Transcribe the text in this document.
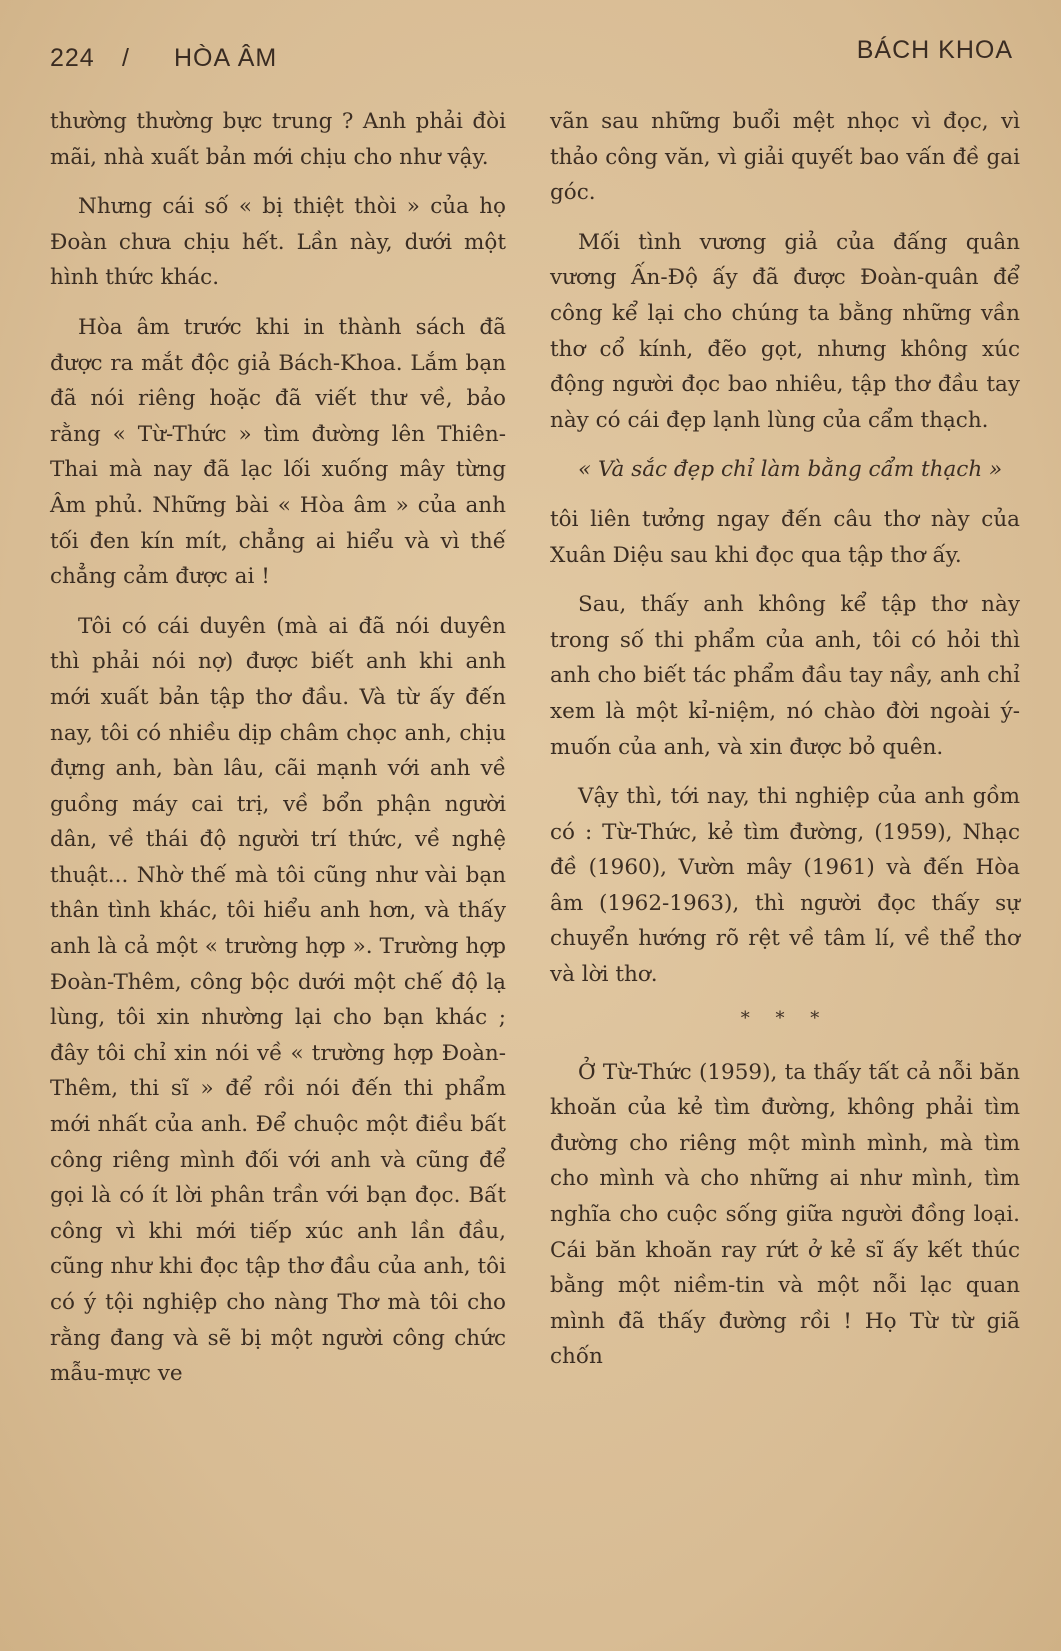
224 / HÒA ÂM	BÁCH KHOA

thường thường bực trung ? Anh phải đòi mãi, nhà xuất bản mới chịu cho như vậy.

Nhưng cái số « bị thiệt thòi » của họ Đoàn chưa chịu hết. Lần này, dưới một hình thức khác.

Hòa âm trước khi in thành sách đã được ra mắt độc giả Bách-Khoa. Lắm bạn đã nói riêng hoặc đã viết thư về, bảo rằng « Từ-Thức » tìm đường lên Thiên-Thai mà nay đã lạc lối xuống mây từng Âm phủ. Những bài « Hòa âm » của anh tối đen kín mít, chẳng ai hiểu và vì thế chẳng cảm được ai !

Tôi có cái duyên (mà ai đã nói duyên thì phải nói nợ) được biết anh khi anh mới xuất bản tập thơ đầu. Và từ ấy đến nay, tôi có nhiều dịp châm chọc anh, chịu đựng anh, bàn lâu, cãi mạnh với anh về guồng máy cai trị, về bổn phận người dân, về thái độ người trí thức, về nghệ thuật... Nhờ thế mà tôi cũng như vài bạn thân tình khác, tôi hiểu anh hơn, và thấy anh là cả một « trường hợp ». Trường hợp Đoàn-Thêm, công bộc dưới một chế độ lạ lùng, tôi xin nhường lại cho bạn khác ; đây tôi chỉ xin nói về « trường hợp Đoàn-Thêm, thi sĩ » để rồi nói đến thi phẩm mới nhất của anh. Để chuộc một điều bất công riêng mình đối với anh và cũng để gọi là có ít lời phân trần với bạn đọc. Bất công vì khi mới tiếp xúc anh lần đầu, cũng như khi đọc tập thơ đầu của anh, tôi có ý tội nghiệp cho nàng Thơ mà tôi cho rằng đang và sẽ bị một người công chức mẫu-mực ve

vãn sau những buổi mệt nhọc vì đọc, vì thảo công văn, vì giải quyết bao vấn đề gai góc.

Mối tình vương giả của đấng quân vương Ấn-Độ ấy đã được Đoàn-quân để công kể lại cho chúng ta bằng những vần thơ cổ kính, đẽo gọt, nhưng không xúc động người đọc bao nhiêu, tập thơ đầu tay này có cái đẹp lạnh lùng của cẩm thạch.

« Và sắc đẹp chỉ làm bằng cẩm thạch »

tôi liên tưởng ngay đến câu thơ này của Xuân Diệu sau khi đọc qua tập thơ ấy.

Sau, thấy anh không kể tập thơ này trong số thi phẩm của anh, tôi có hỏi thì anh cho biết tác phẩm đầu tay nầy, anh chỉ xem là một kỉ-niệm, nó chào đời ngoài ý-muốn của anh, và xin được bỏ quên.

Vậy thì, tới nay, thi nghiệp của anh gồm có : Từ-Thức, kẻ tìm đường, (1959), Nhạc đề (1960), Vườn mây (1961) và đến Hòa âm (1962-1963), thì người đọc thấy sự chuyển hướng rõ rệt về tâm lí, về thể thơ và lời thơ.

* * *

Ở Từ-Thức (1959), ta thấy tất cả nỗi băn khoăn của kẻ tìm đường, không phải tìm đường cho riêng một mình mình, mà tìm cho mình và cho những ai như mình, tìm nghĩa cho cuộc sống giữa người đồng loại. Cái băn khoăn ray rứt ở kẻ sĩ ấy kết thúc bằng một niềm-tin và một nỗi lạc quan mình đã thấy đường rồi ! Họ Từ từ giã chốn
